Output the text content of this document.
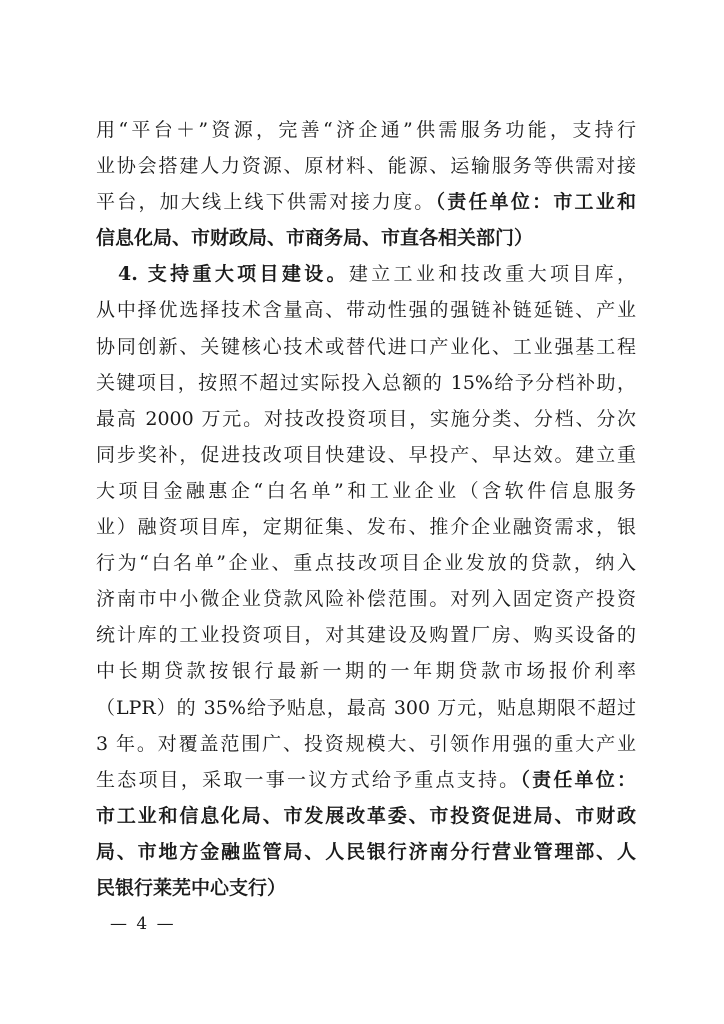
用“平台＋”资源，完善“济企通”供需服务功能，支持行
业协会搭建人力资源、原材料、能源、运输服务等供需对接
平台，加大线上线下供需对接力度。（责任单位：市工业和
信息化局、市财政局、市商务局、市直各相关部门）
4. 支持重大项目建设。建立工业和技改重大项目库，
从中择优选择技术含量高、带动性强的强链补链延链、产业
协同创新、关键核心技术或替代进口产业化、工业强基工程
关键项目，按照不超过实际投入总额的 15%给予分档补助，
最高 2000 万元。对技改投资项目，实施分类、分档、分次
同步奖补，促进技改项目快建设、早投产、早达效。建立重
大项目金融惠企“白名单”和工业企业（含软件信息服务
业）融资项目库，定期征集、发布、推介企业融资需求，银
行为“白名单”企业、重点技改项目企业发放的贷款，纳入
济南市中小微企业贷款风险补偿范围。对列入固定资产投资
统计库的工业投资项目，对其建设及购置厂房、购买设备的
中长期贷款按银行最新一期的一年期贷款市场报价利率
（LPR）的 35%给予贴息，最高 300 万元，贴息期限不超过
3 年。对覆盖范围广、投资规模大、引领作用强的重大产业
生态项目，采取一事一议方式给予重点支持。（责任单位：
市工业和信息化局、市发展改革委、市投资促进局、市财政
局、市地方金融监管局、人民银行济南分行营业管理部、人
民银行莱芜中心支行）
— 4 —
